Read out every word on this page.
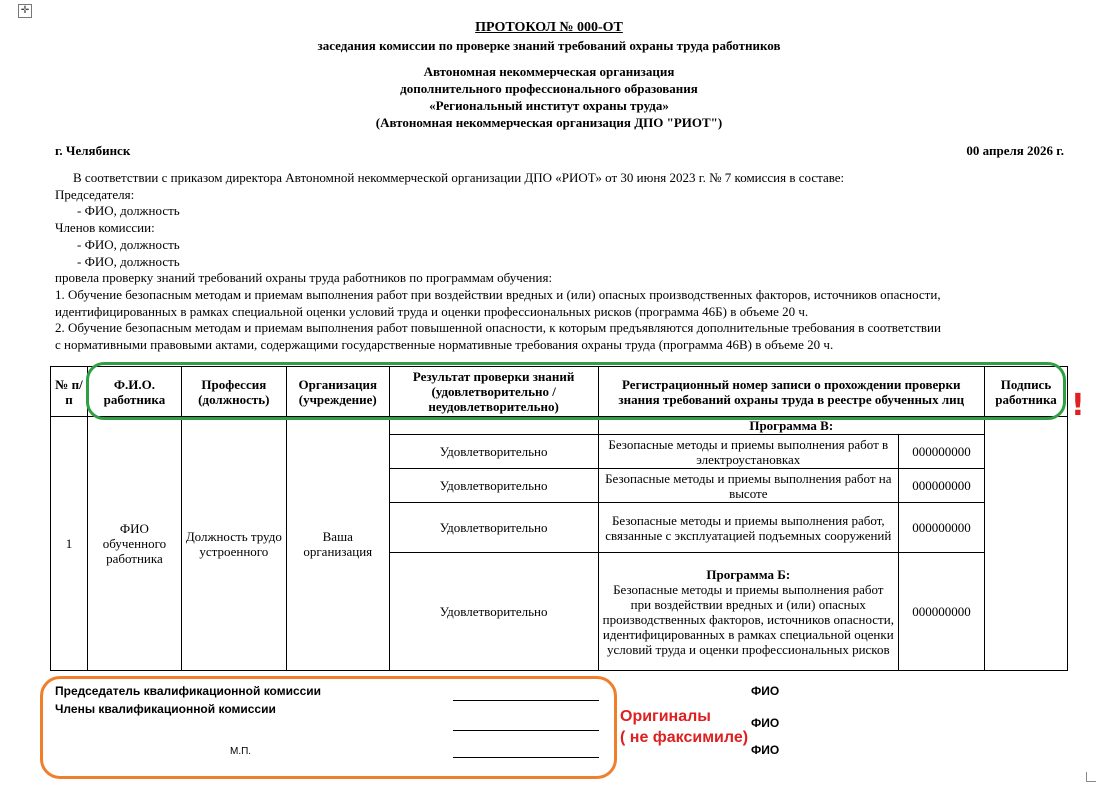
✛
ПРОТОКОЛ № 000-ОТ
заседания комиссии по проверке знаний требований охраны труда работников
Автономная некоммерческая организация
дополнительного профессионального образования
«Региональный институт охраны труда»
(Автономная некоммерческая организация ДПО "РИОТ")
г. Челябинск	00 апреля 2026 г.
В соответствии с приказом директора Автономной некоммерческой организации ДПО «РИОТ» от 30 июня 2023 г. № 7 комиссия в составе:
Председателя:
- ФИО, должность
Членов комиссии:
- ФИО, должность
- ФИО, должность
провела проверку знаний требований охраны труда работников по программам обучения:
1. Обучение безопасным методам и приемам выполнения работ при воздействии вредных и (или) опасных производственных факторов, источников опасности,
идентифицированных в рамках специальной оценки условий труда и оценки профессиональных рисков (программа 46Б) в объеме 20 ч.
2. Обучение безопасным методам и приемам выполнения работ повышенной опасности, к которым предъявляются дополнительные требования в соответствии
с нормативными правовыми актами, содержащими государственные нормативные требования охраны труда (программа 46В) в объеме 20 ч.
№ п/п	Ф.И.О. работника	Профессия (должность)	Организация (учреждение)	Результат проверки знаний (удовлетворительно / неудовлетворительно)	Регистрационный номер записи о прохождении проверки знания требований охраны труда в реестре обученных лиц		Подпись работника
1	ФИО обученного работника	Должность трудоустроенного	Ваша организация		Программа В:		
				Удовлетворительно	Безопасные методы и приемы выполнения работ в электроустановках	000000000	
				Удовлетворительно	Безопасные методы и приемы выполнения работ на высоте	000000000	
				Удовлетворительно	Безопасные методы и приемы выполнения работ, связанные с эксплуатацией подъемных сооружений	000000000	
				Удовлетворительно	Программа Б:
Безопасные методы и приемы выполнения работ при воздействии вредных и (или) опасных производственных факторов, источников опасности, идентифицированных в рамках специальной оценки условий труда и оценки профессиональных рисков	000000000	
Председатель квалификационной комиссии
Члены квалификационной комиссии
ФИО
ФИО
ФИО
М.П.
!
Оригиналы
( не факсимиле)
